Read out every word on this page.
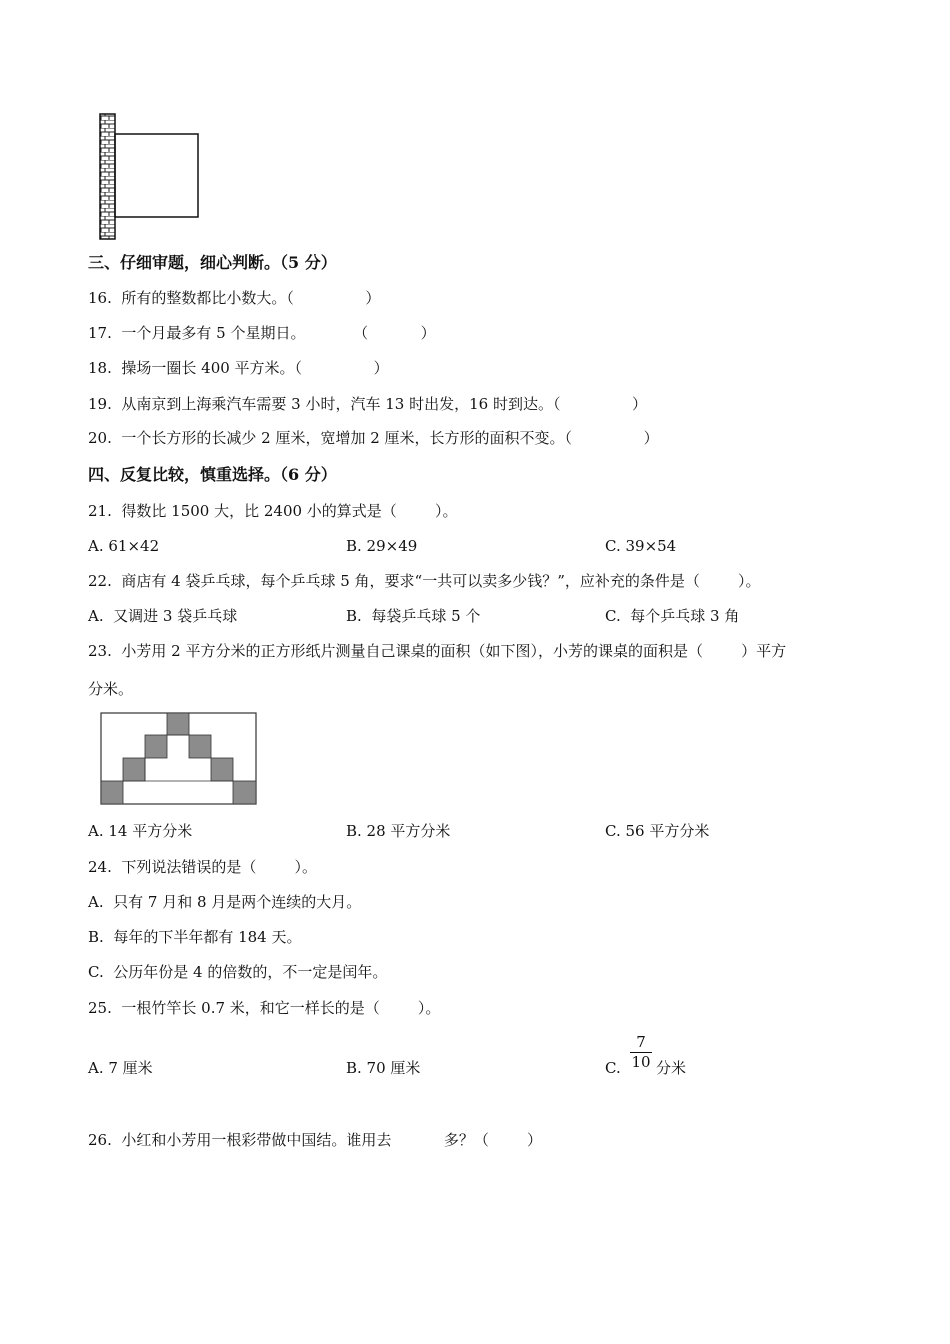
三、仔细审题，细心判断。（5 分）
16.  所有的整数都比小数大。（               ）
17.  一个月最多有 5 个星期日。          （           ）
18.  操场一圈长 400 平方米。（               ）
19.  从南京到上海乘汽车需要 3 小时，汽车 13 时出发，16 时到达。（               ）
20.  一个长方形的长减少 2 厘米，宽增加 2 厘米，长方形的面积不变。（               ）
四、反复比较，慎重选择。（6 分）
21.  得数比 1500 大，比 2400 小的算式是（        ）。
A. 61×42	B. 29×49	C. 39×54
22.  商店有 4 袋乒乓球，每个乒乓球 5 角，要求“一共可以卖多少钱？”，应补充的条件是（        ）。
A.  又调进 3 袋乒乓球	B.  每袋乒乓球 5 个	C.  每个乒乓球 3 角
23.  小芳用 2 平方分米的正方形纸片测量自己课桌的面积（如下图），小芳的课桌的面积是（        ）平方
分米。
A. 14 平方分米	B. 28 平方分米	C. 56 平方分米
24.  下列说法错误的是（        ）。
A.  只有 7 月和 8 月是两个连续的大月。
B.  每年的下半年都有 184 天。
C.  公历年份是 4 的倍数的，不一定是闰年。
25.  一根竹竿长 0.7 米，和它一样长的是（        ）。
A. 7 厘米	B. 70 厘米	C. $\frac{7}{10}$ 分米
26.  小红和小芳用一根彩带做中国结。谁用去           多？（        ）
